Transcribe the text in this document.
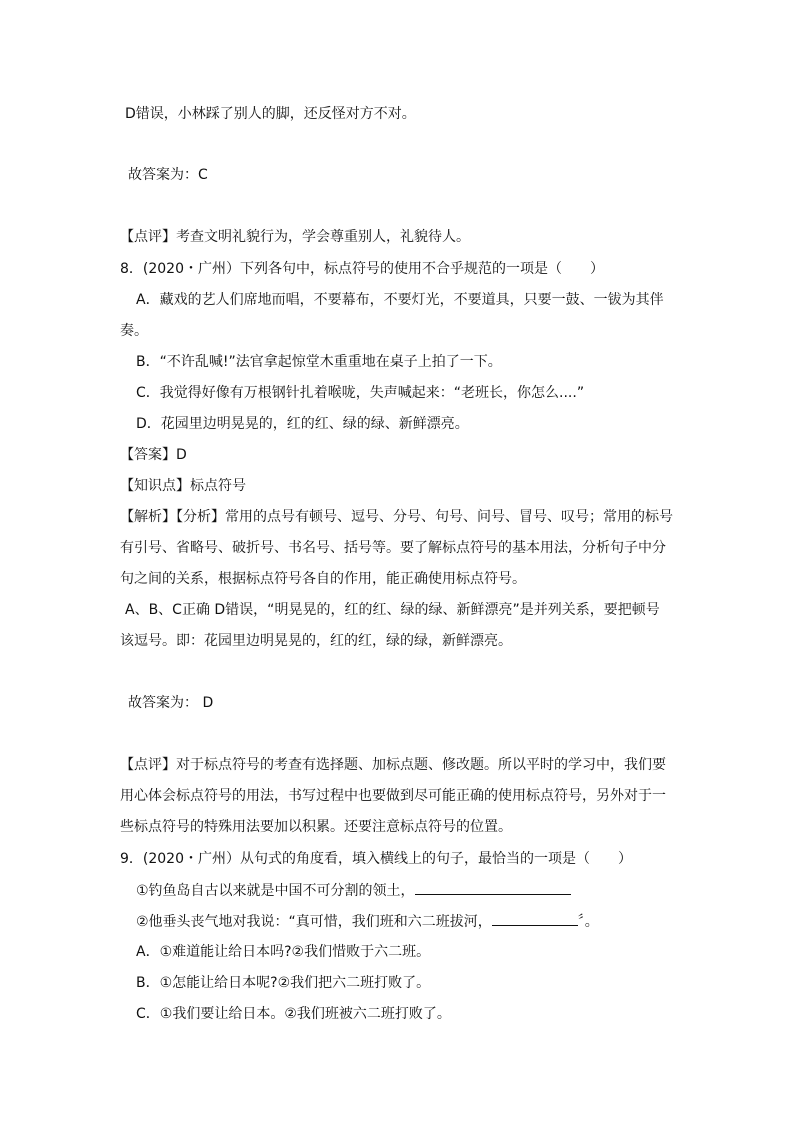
D错误，小林踩了别人的脚，还反怪对方不对。
故答案为：C
【点评】考查文明礼貌行为，学会尊重别人，礼貌待人。
8．(2020・广州）下列各句中，标点符号的使用不合乎规范的一项是（　　）
A．藏戏的艺人们席地而唱，不要幕布，不要灯光，不要道具，只要一鼓、一钹为其伴
奏。
B．“不许乱喊!”法官拿起惊堂木重重地在桌子上拍了一下。
C．我觉得好像有万根钢针扎着喉咙，失声喊起来：“老班长，你怎么....”
D．花园里边明晃晃的，红的红、绿的绿、新鲜漂亮。
【答案】D
【知识点】标点符号
【解析】【分析】常用的点号有顿号、逗号、分号、句号、问号、冒号、叹号；常用的标号
有引号、省略号、破折号、书名号、括号等。要了解标点符号的基本用法，分析句子中分
句之间的关系，根据标点符号各自的作用，能正确使用标点符号。
A、B、C正确 D错误，“明晃晃的，红的红、绿的绿、新鲜漂亮”是并列关系，要把顿号
该逗号。即：花园里边明晃晃的，红的红，绿的绿，新鲜漂亮。
故答案为： D
【点评】对于标点符号的考查有选择题、加标点题、修改题。所以平时的学习中，我们要
用心体会标点符号的用法，书写过程中也要做到尽可能正确的使用标点符号，另外对于一
些标点符号的特殊用法要加以积累。还要注意标点符号的位置。
9．(2020・广州）从句式的角度看，填入横线上的句子，最恰当的一项是（　　）
①钓鱼岛自古以来就是中国不可分割的领土，
②他垂头丧气地对我说：“真可惜，我们班和六二班拔河，	〞。
A．①难道能让给日本吗?②我们惜败于六二班。
B．①怎能让给日本呢?②我们把六二班打败了。
C．①我们要让给日本。②我们班被六二班打败了。
